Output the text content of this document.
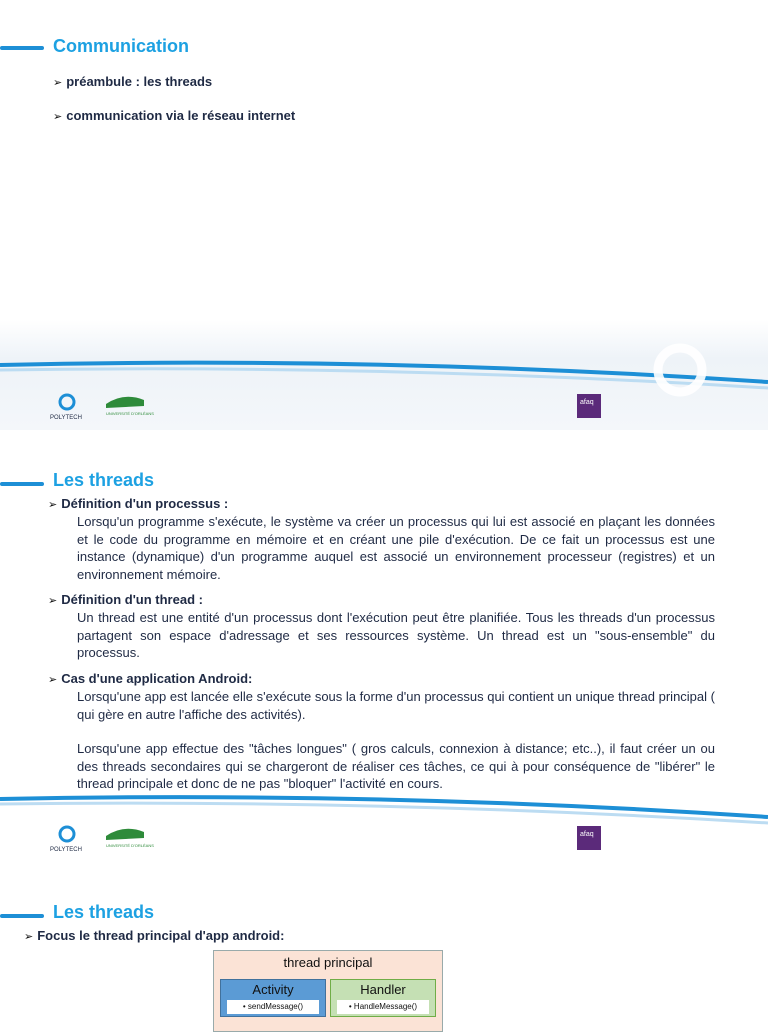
Communication
➢ préambule : les threads
➢ communication via le réseau internet
POLYTECH
UNIVERSITÉ D'ORLÉANS
afaq
Les threads
➢ Définition d'un processus :
Lorsqu'un programme s'exécute, le système va créer un processus qui lui est associé en plaçant les données et le code du programme en mémoire et en créant une pile d'exécution. De ce fait un processus est une instance (dynamique) d'un programme auquel est associé un environnement processeur (registres) et un environnement mémoire.
➢ Définition d'un thread :
Un thread est une entité d'un processus dont l'exécution peut être planifiée. Tous les threads d'un processus partagent son espace d'adressage et ses ressources système. Un thread est un "sous-ensemble" du processus.
➢ Cas d'une application Android:
Lorsqu'une app est lancée elle s'exécute sous la forme d'un processus qui contient un unique thread principal ( qui gère en autre l'affiche des activités).
Lorsqu'une app effectue des "tâches longues" ( gros calculs, connexion à distance; etc..), il faut créer un ou des threads secondaires qui se chargeront de réaliser ces tâches, ce qui à pour conséquence de "libérer" le thread principale et donc de ne pas "bloquer" l'activité en cours.
POLYTECH
UNIVERSITÉ D'ORLÉANS
afaq
Les threads
➢ Focus le thread principal d'app android:
thread principal
Activity
• sendMessage()
Handler
• HandleMessage()
